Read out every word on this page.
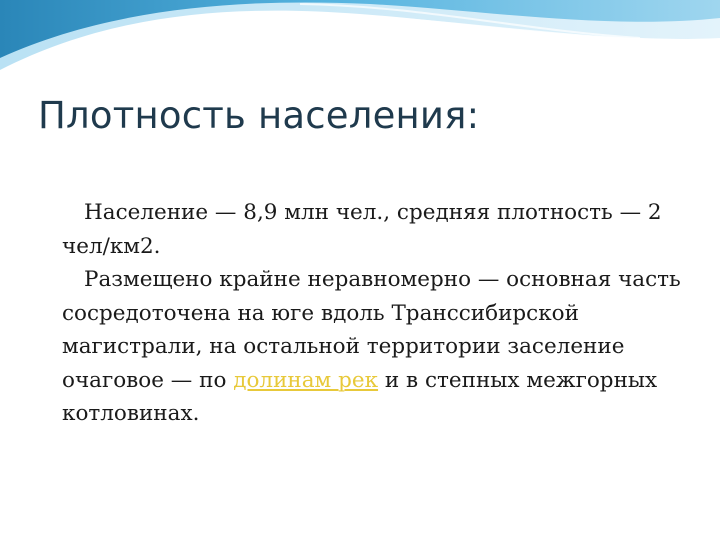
Плотность населения:

Население — 8,9 млн чел., средняя плотность — 2 чел/км2.

Размещено крайне неравномерно — основная часть сосредоточена на юге вдоль Транссибирской магистрали, на остальной территории заселение очаговое — по долинам рек и в степных межгорных котловинах.
